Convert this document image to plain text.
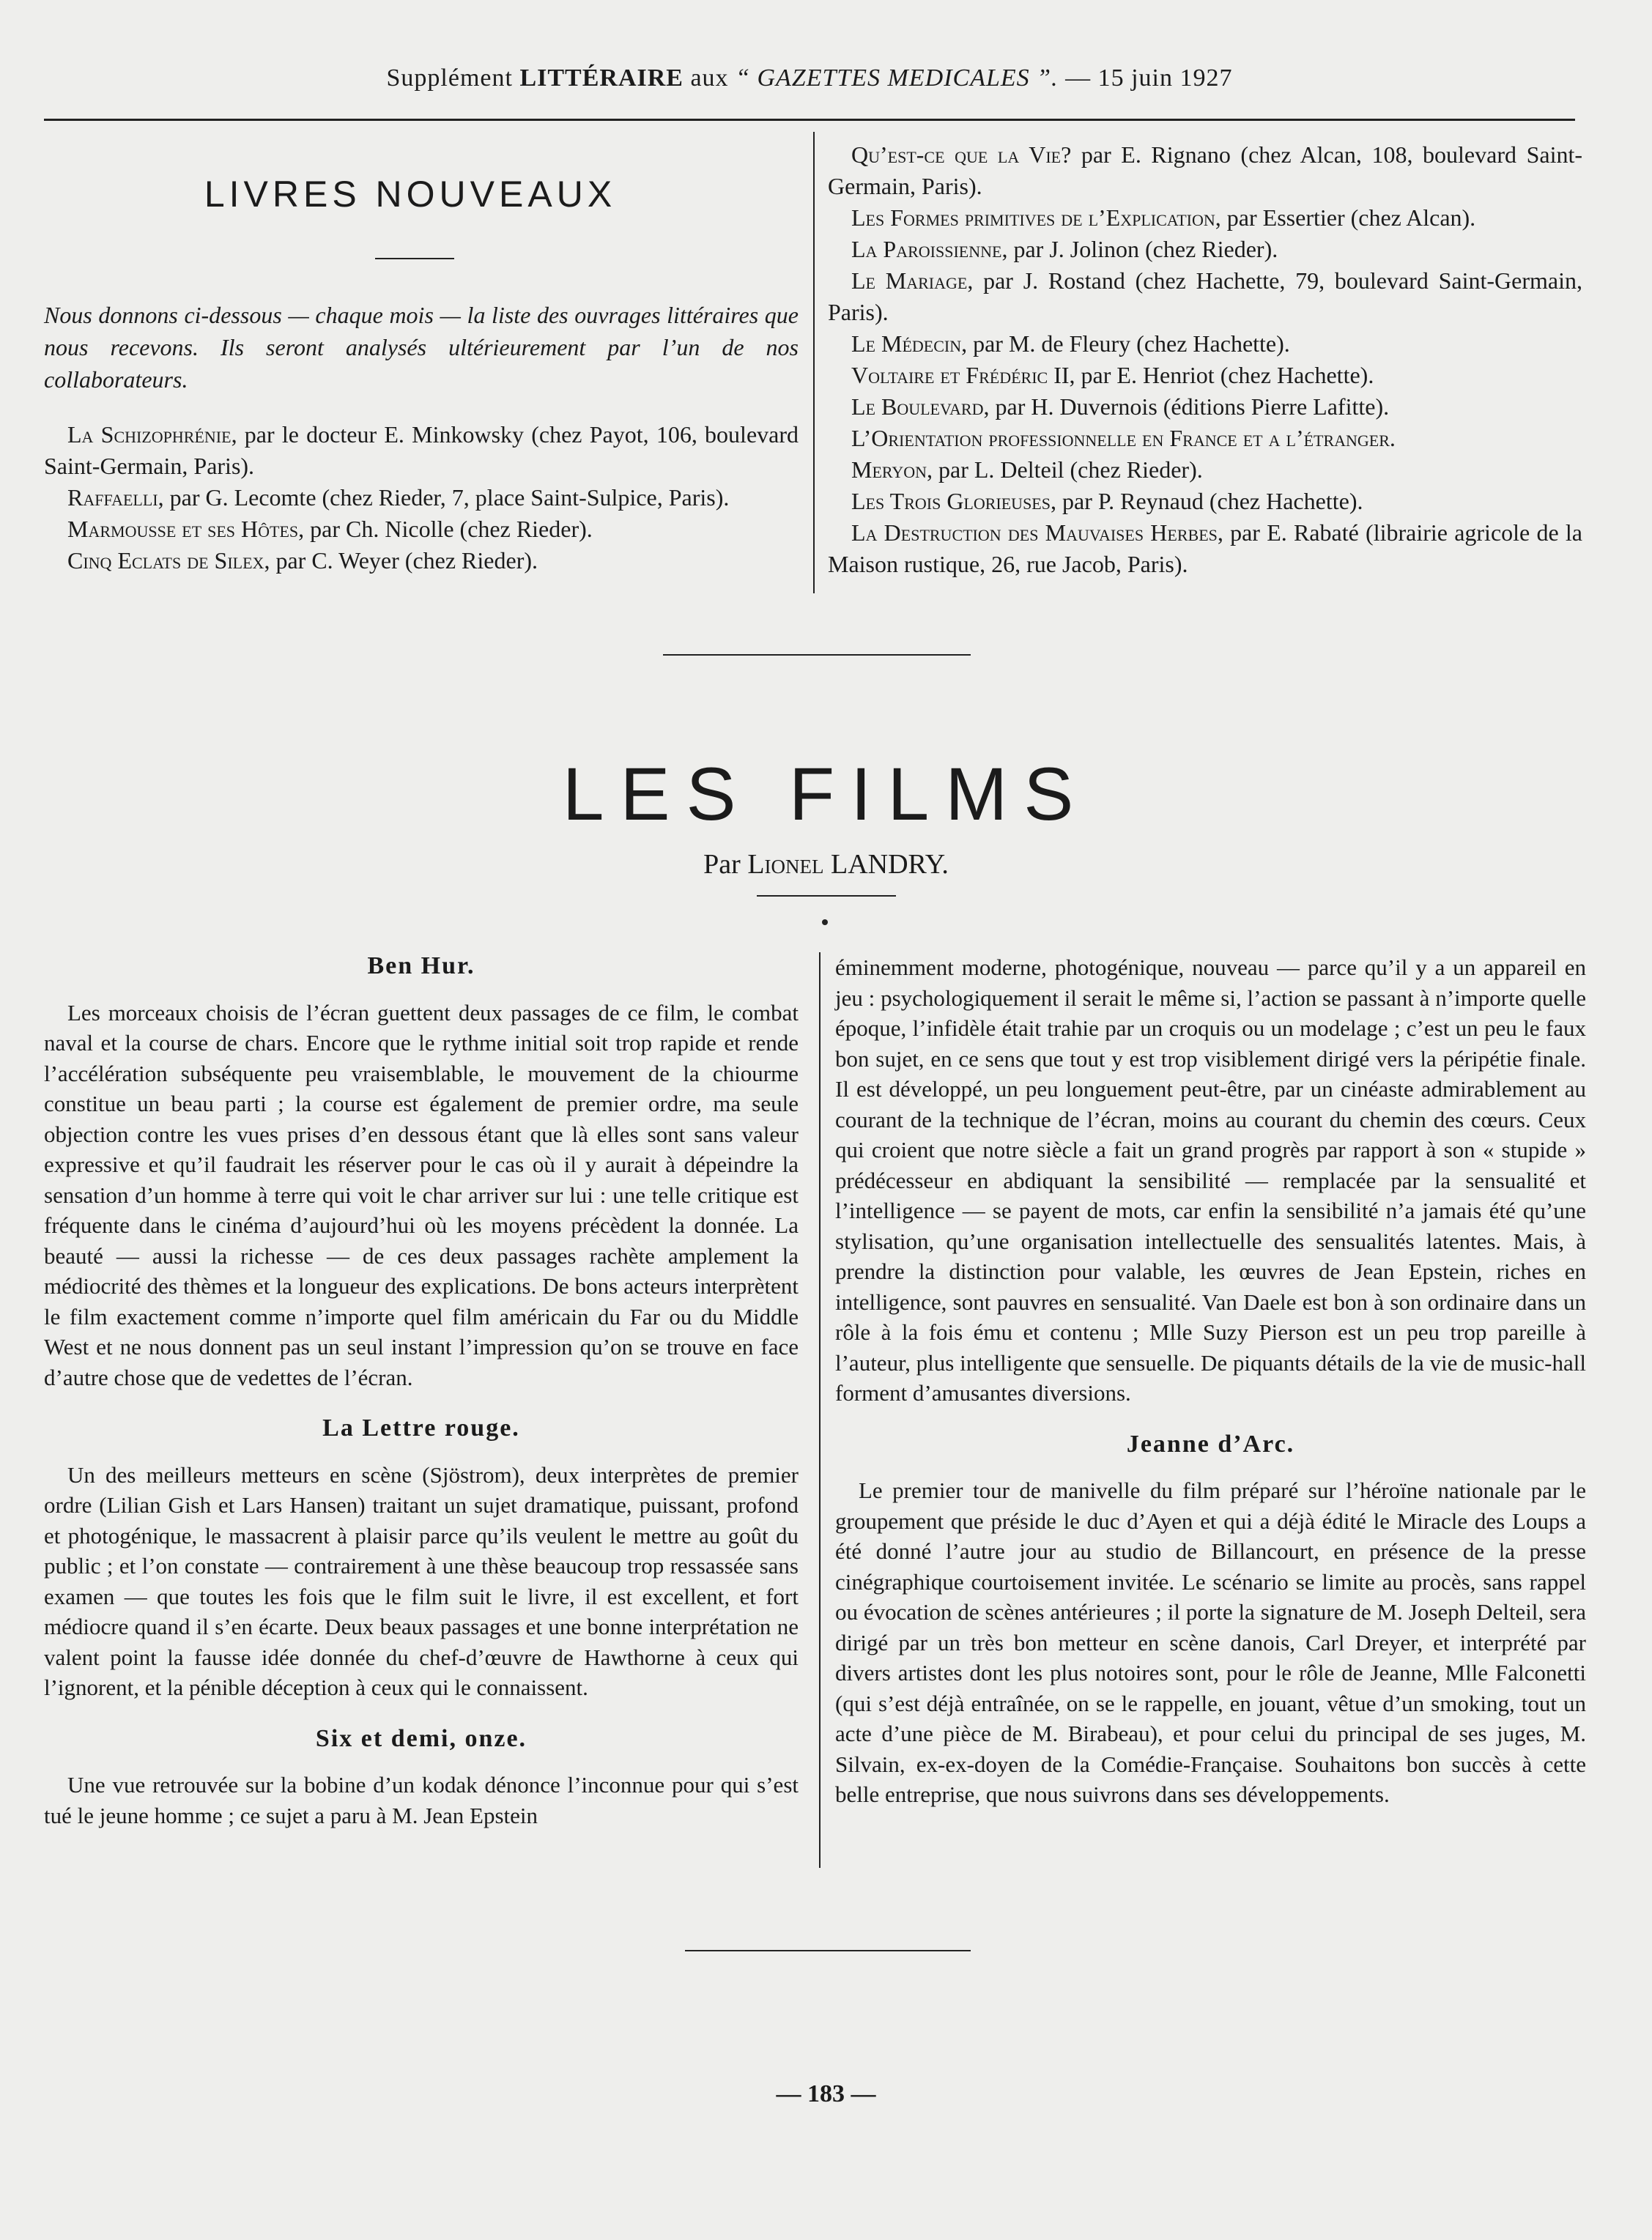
Supplément LITTÉRAIRE aux “ GAZETTES MEDICALES ”. — 15 juin 1927
LIVRES NOUVEAUX
Nous donnons ci-dessous — chaque mois — la liste des ouvrages littéraires que nous recevons. Ils seront analysés ultérieurement par l’un de nos collaborateurs.

La Schizophrénie, par le docteur E. Minkowsky (chez Payot, 106, boulevard Saint-Germain, Paris).

Raffaelli, par G. Lecomte (chez Rieder, 7, place Saint-Sulpice, Paris).

Marmousse et ses Hôtes, par Ch. Nicolle (chez Rieder).

Cinq Eclats de Silex, par C. Weyer (chez Rieder).

Qu’est-ce que la Vie? par E. Rignano (chez Alcan, 108, boulevard Saint-Germain, Paris).

Les Formes primitives de l’Explication, par Essertier (chez Alcan).

La Paroissienne, par J. Jolinon (chez Rieder).

Le Mariage, par J. Rostand (chez Hachette, 79, boulevard Saint-Germain, Paris).

Le Médecin, par M. de Fleury (chez Hachette).

Voltaire et Frédéric II, par E. Henriot (chez Hachette).

Le Boulevard, par H. Duvernois (éditions Pierre Lafitte).

L’Orientation professionnelle en France et a l’étranger.

Meryon, par L. Delteil (chez Rieder).

Les Trois Glorieuses, par P. Reynaud (chez Hachette).

La Destruction des Mauvaises Herbes, par E. Rabaté (librairie agricole de la Maison rustique, 26, rue Jacob, Paris).

LES FILMS
Par Lionel LANDRY.
Ben Hur.

Les morceaux choisis de l’écran guettent deux passages de ce film, le combat naval et la course de chars. Encore que le rythme initial soit trop rapide et rende l’accélération subséquente peu vraisemblable, le mouvement de la chiourme constitue un beau parti ; la course est également de premier ordre, ma seule objection contre les vues prises d’en dessous étant que là elles sont sans valeur expressive et qu’il faudrait les réserver pour le cas où il y aurait à dépeindre la sensation d’un homme à terre qui voit le char arriver sur lui : une telle critique est fréquente dans le cinéma d’aujourd’hui où les moyens précèdent la donnée. La beauté — aussi la richesse — de ces deux passages rachète amplement la médiocrité des thèmes et la longueur des explications. De bons acteurs interprètent le film exactement comme n’importe quel film américain du Far ou du Middle West et ne nous donnent pas un seul instant l’impression qu’on se trouve en face d’autre chose que de vedettes de l’écran.

La Lettre rouge.

Un des meilleurs metteurs en scène (Sjöstrom), deux interprètes de premier ordre (Lilian Gish et Lars Hansen) traitant un sujet dramatique, puissant, profond et photogénique, le massacrent à plaisir parce qu’ils veulent le mettre au goût du public ; et l’on constate — contrairement à une thèse beaucoup trop ressassée sans examen — que toutes les fois que le film suit le livre, il est excellent, et fort médiocre quand il s’en écarte. Deux beaux passages et une bonne interprétation ne valent point la fausse idée donnée du chef-d’œuvre de Hawthorne à ceux qui l’ignorent, et la pénible déception à ceux qui le connaissent.

Six et demi, onze.

Une vue retrouvée sur la bobine d’un kodak dénonce l’inconnue pour qui s’est tué le jeune homme ; ce sujet a paru à M. Jean Epstein

éminemment moderne, photogénique, nouveau — parce qu’il y a un appareil en jeu : psychologiquement il serait le même si, l’action se passant à n’importe quelle époque, l’infidèle était trahie par un croquis ou un modelage ; c’est un peu le faux bon sujet, en ce sens que tout y est trop visiblement dirigé vers la péripétie finale. Il est développé, un peu longuement peut-être, par un cinéaste admirablement au courant de la technique de l’écran, moins au courant du chemin des cœurs. Ceux qui croient que notre siècle a fait un grand progrès par rapport à son « stupide » prédécesseur en abdiquant la sensibilité — remplacée par la sensualité et l’intelligence — se payent de mots, car enfin la sensibilité n’a jamais été qu’une stylisation, qu’une organisation intellectuelle des sensualités latentes. Mais, à prendre la distinction pour valable, les œuvres de Jean Epstein, riches en intelligence, sont pauvres en sensualité. Van Daele est bon à son ordinaire dans un rôle à la fois ému et contenu ; Mlle Suzy Pierson est un peu trop pareille à l’auteur, plus intelligente que sensuelle. De piquants détails de la vie de music-hall forment d’amusantes diversions.

Jeanne d’Arc.

Le premier tour de manivelle du film préparé sur l’héroïne nationale par le groupement que préside le duc d’Ayen et qui a déjà édité le Miracle des Loups a été donné l’autre jour au studio de Billancourt, en présence de la presse cinégraphique courtoisement invitée. Le scénario se limite au procès, sans rappel ou évocation de scènes antérieures ; il porte la signature de M. Joseph Delteil, sera dirigé par un très bon metteur en scène danois, Carl Dreyer, et interprété par divers artistes dont les plus notoires sont, pour le rôle de Jeanne, Mlle Falconetti (qui s’est déjà entraînée, on se le rappelle, en jouant, vêtue d’un smoking, tout un acte d’une pièce de M. Birabeau), et pour celui du principal de ses juges, M. Silvain, ex-ex-doyen de la Comédie-Française. Souhaitons bon succès à cette belle entreprise, que nous suivrons dans ses développements.

— 183 —
